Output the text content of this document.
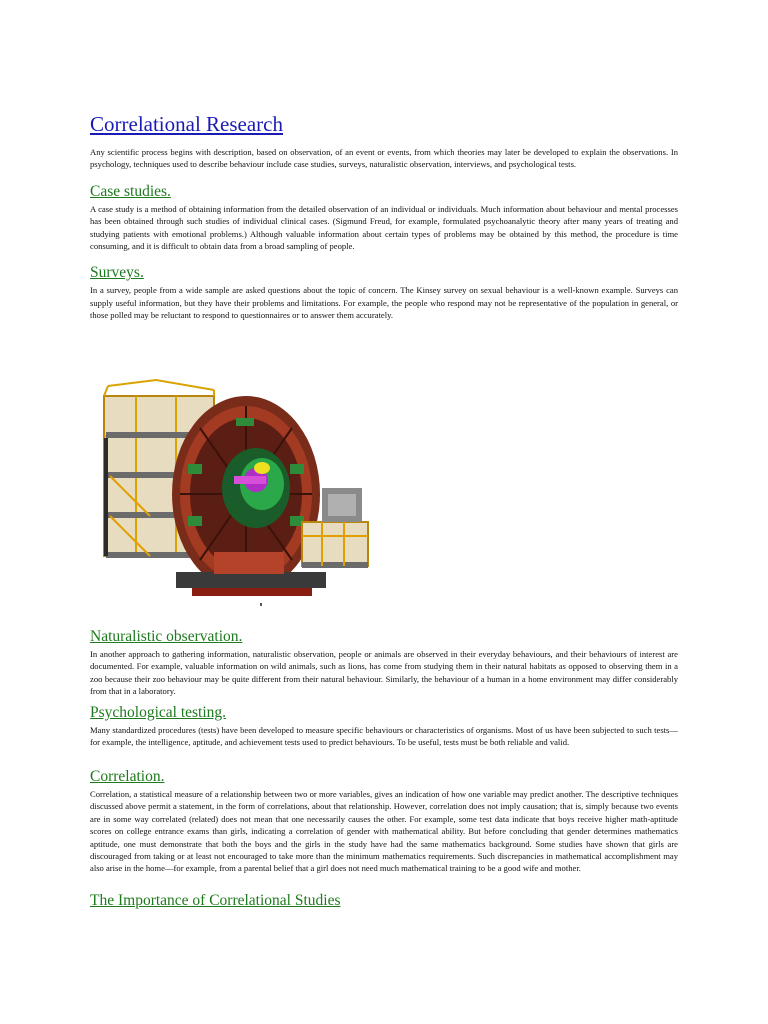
Correlational Research

Any scientific process begins with description, based on observation, of an event or events, from which theories may later be developed to explain the observations. In psychology, techniques used to describe behaviour include case studies, surveys, naturalistic observation, interviews, and psychological tests.

Case studies.

A case study is a method of obtaining information from the detailed observation of an individual or individuals. Much information about behaviour and mental processes has been obtained through such studies of individual clinical cases. (Sigmund Freud, for example, formulated psychoanalytic theory after many years of treating and studying patients with emotional problems.) Although valuable information about certain types of problems may be obtained by this method, the procedure is time consuming, and it is difficult to obtain data from a broad sampling of people.

Surveys.

In a survey, people from a wide sample are asked questions about the topic of concern. The Kinsey survey on sexual behaviour is a well-known example. Surveys can supply useful information, but they have their problems and limitations. For example, the people who respond may not be representative of the population in general, or those polled may be reluctant to respond to questionnaires or to answer them accurately.

Naturalistic observation.

In another approach to gathering information, naturalistic observation, people or animals are observed in their everyday behaviours, and their behaviours of interest are documented. For example, valuable information on wild animals, such as lions, has come from studying them in their natural habitats as opposed to observing them in a zoo because their zoo behaviour may be quite different from their natural behaviour. Similarly, the behaviour of a human in a home environment may differ considerably from that in a laboratory.

Psychological testing.

Many standardized procedures (tests) have been developed to measure specific behaviours or characteristics of organisms. Most of us have been subjected to such tests—for example, the intelligence, aptitude, and achievement tests used to predict behaviours. To be useful, tests must be both reliable and valid.

Correlation.

Correlation, a statistical measure of a relationship between two or more variables, gives an indication of how one variable may predict another. The descriptive techniques discussed above permit a statement, in the form of correlations, about that relationship. However, correlation does not imply causation; that is, simply because two events are in some way correlated (related) does not mean that one necessarily causes the other. For example, some test data indicate that boys receive higher math-aptitude scores on college entrance exams than girls, indicating a correlation of gender with mathematical ability. But before concluding that gender determines mathematics aptitude, one must demonstrate that both the boys and the girls in the study have had the same mathematics background. Some studies have shown that girls are discouraged from taking or at least not encouraged to take more than the minimum mathematics requirements. Such discrepancies in mathematical accomplishment may also arise in the home—for example, from a parental belief that a girl does not need much mathematical training to be a good wife and mother.

The Importance of Correlational Studies
